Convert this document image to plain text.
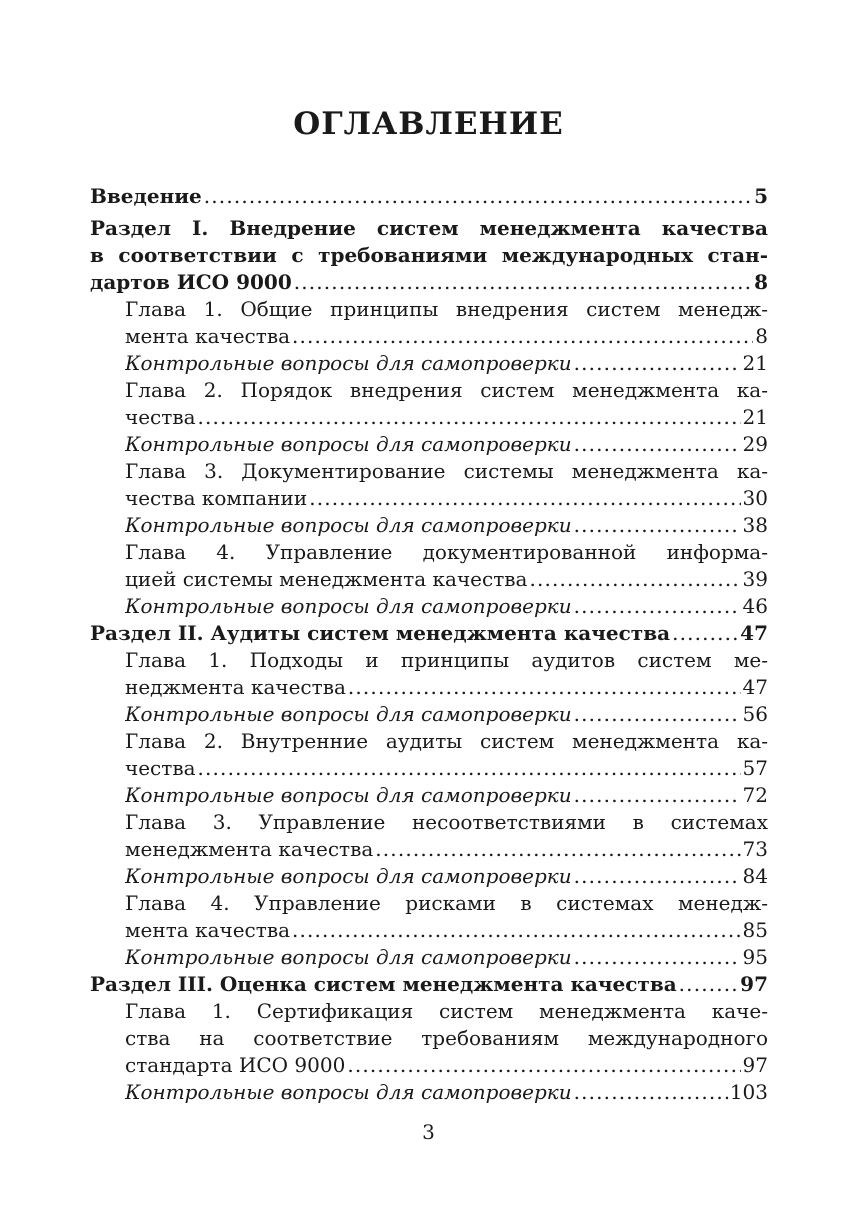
ОГЛАВЛЕНИЕ
Введение . . .	5
Раздел I. Внедрение систем менеджмента качества
в соответствии с требованиями международных стан-
дартов ИСО 9000 . . .	8
Глава 1. Общие принципы внедрения систем менедж-
мента качества . . .	8
Контрольные вопросы для самопроверки . . .	21
Глава 2. Порядок внедрения систем менеджмента ка-
чества . . .	21
Контрольные вопросы для самопроверки . . .	29
Глава 3. Документирование системы менеджмента ка-
чества компании . . .	30
Контрольные вопросы для самопроверки . . .	38
Глава 4. Управление документированной информа-
цией системы менеджмента качества . . .	39
Контрольные вопросы для самопроверки . . .	46
Раздел II. Аудиты систем менеджмента качества . . .	47
Глава 1. Подходы и принципы аудитов систем ме-
неджмента качества . . .	47
Контрольные вопросы для самопроверки . . .	56
Глава 2. Внутренние аудиты систем менеджмента ка-
чества . . .	57
Контрольные вопросы для самопроверки . . .	72
Глава 3. Управление несоответствиями в системах
менеджмента качества . . .	73
Контрольные вопросы для самопроверки . . .	84
Глава 4. Управление рисками в системах менедж-
мента качества . . .	85
Контрольные вопросы для самопроверки . . .	95
Раздел III. Оценка систем менеджмента качества . . .	97
Глава 1. Сертификация систем менеджмента каче-
ства на соответствие требованиям международного
стандарта ИСО 9000 . . .	97
Контрольные вопросы для самопроверки . . .	103
3
